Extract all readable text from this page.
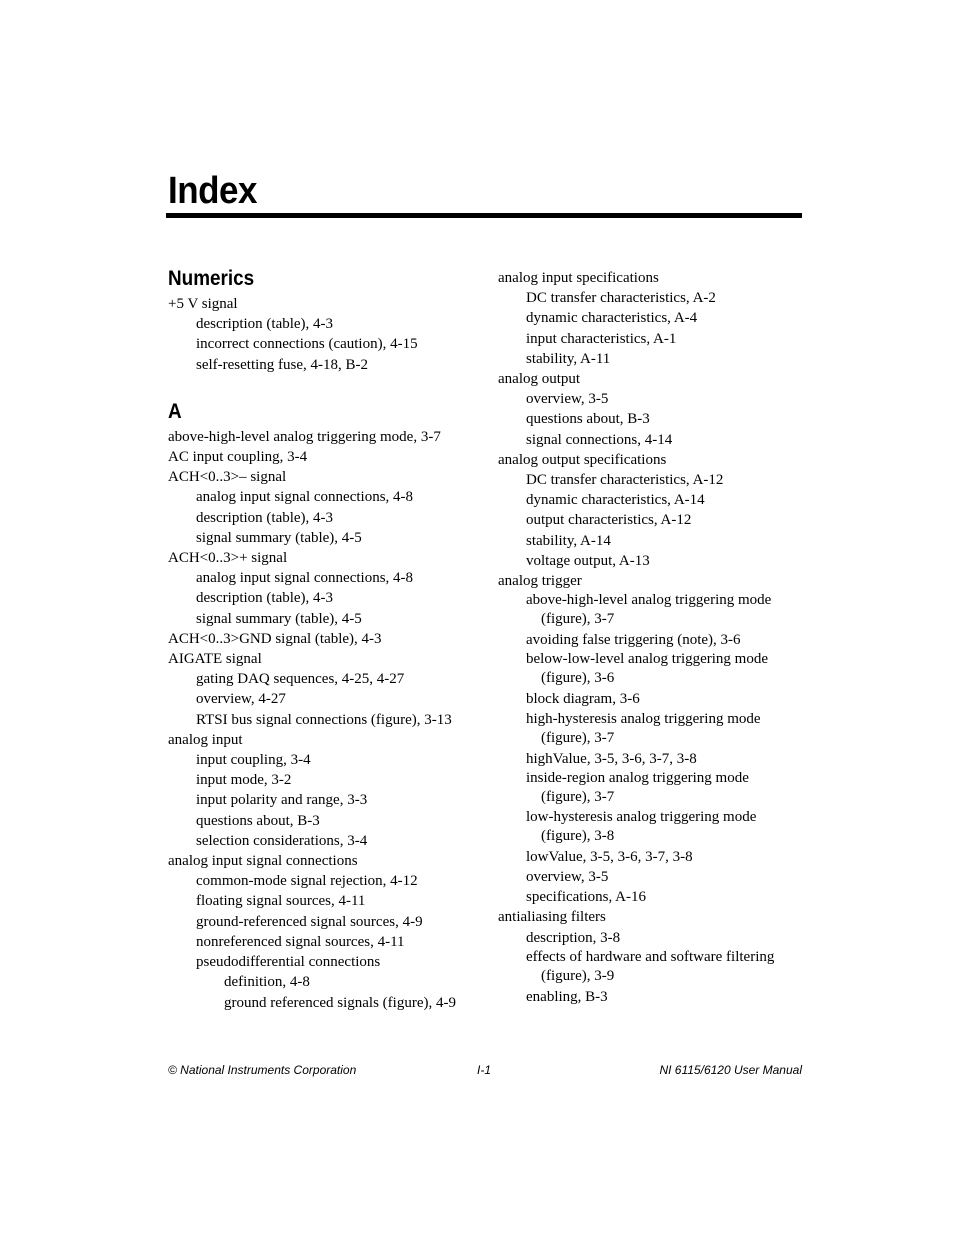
Index
Numerics
+5 V signal
description (table), 4-3
incorrect connections (caution), 4-15
self-resetting fuse, 4-18, B-2
A
above-high-level analog triggering mode, 3-7
AC input coupling, 3-4
ACH<0..3>– signal
analog input signal connections, 4-8
description (table), 4-3
signal summary (table), 4-5
ACH<0..3>+ signal
analog input signal connections, 4-8
description (table), 4-3
signal summary (table), 4-5
ACH<0..3>GND signal (table), 4-3
AIGATE signal
gating DAQ sequences, 4-25, 4-27
overview, 4-27
RTSI bus signal connections (figure), 3-13
analog input
input coupling, 3-4
input mode, 3-2
input polarity and range, 3-3
questions about, B-3
selection considerations, 3-4
analog input signal connections
common-mode signal rejection, 4-12
floating signal sources, 4-11
ground-referenced signal sources, 4-9
nonreferenced signal sources, 4-11
pseudodifferential connections
definition, 4-8
ground referenced signals (figure), 4-9
analog input specifications
DC transfer characteristics, A-2
dynamic characteristics, A-4
input characteristics, A-1
stability, A-11
analog output
overview, 3-5
questions about, B-3
signal connections, 4-14
analog output specifications
DC transfer characteristics, A-12
dynamic characteristics, A-14
output characteristics, A-12
stability, A-14
voltage output, A-13
analog trigger
above-high-level analog triggering mode (figure), 3-7
avoiding false triggering (note), 3-6
below-low-level analog triggering mode (figure), 3-6
block diagram, 3-6
high-hysteresis analog triggering mode (figure), 3-7
highValue, 3-5, 3-6, 3-7, 3-8
inside-region analog triggering mode (figure), 3-7
low-hysteresis analog triggering mode (figure), 3-8
lowValue, 3-5, 3-6, 3-7, 3-8
overview, 3-5
specifications, A-16
antialiasing filters
description, 3-8
effects of hardware and software filtering (figure), 3-9
enabling, B-3
© National Instruments Corporation	I-1	NI 6115/6120 User Manual
